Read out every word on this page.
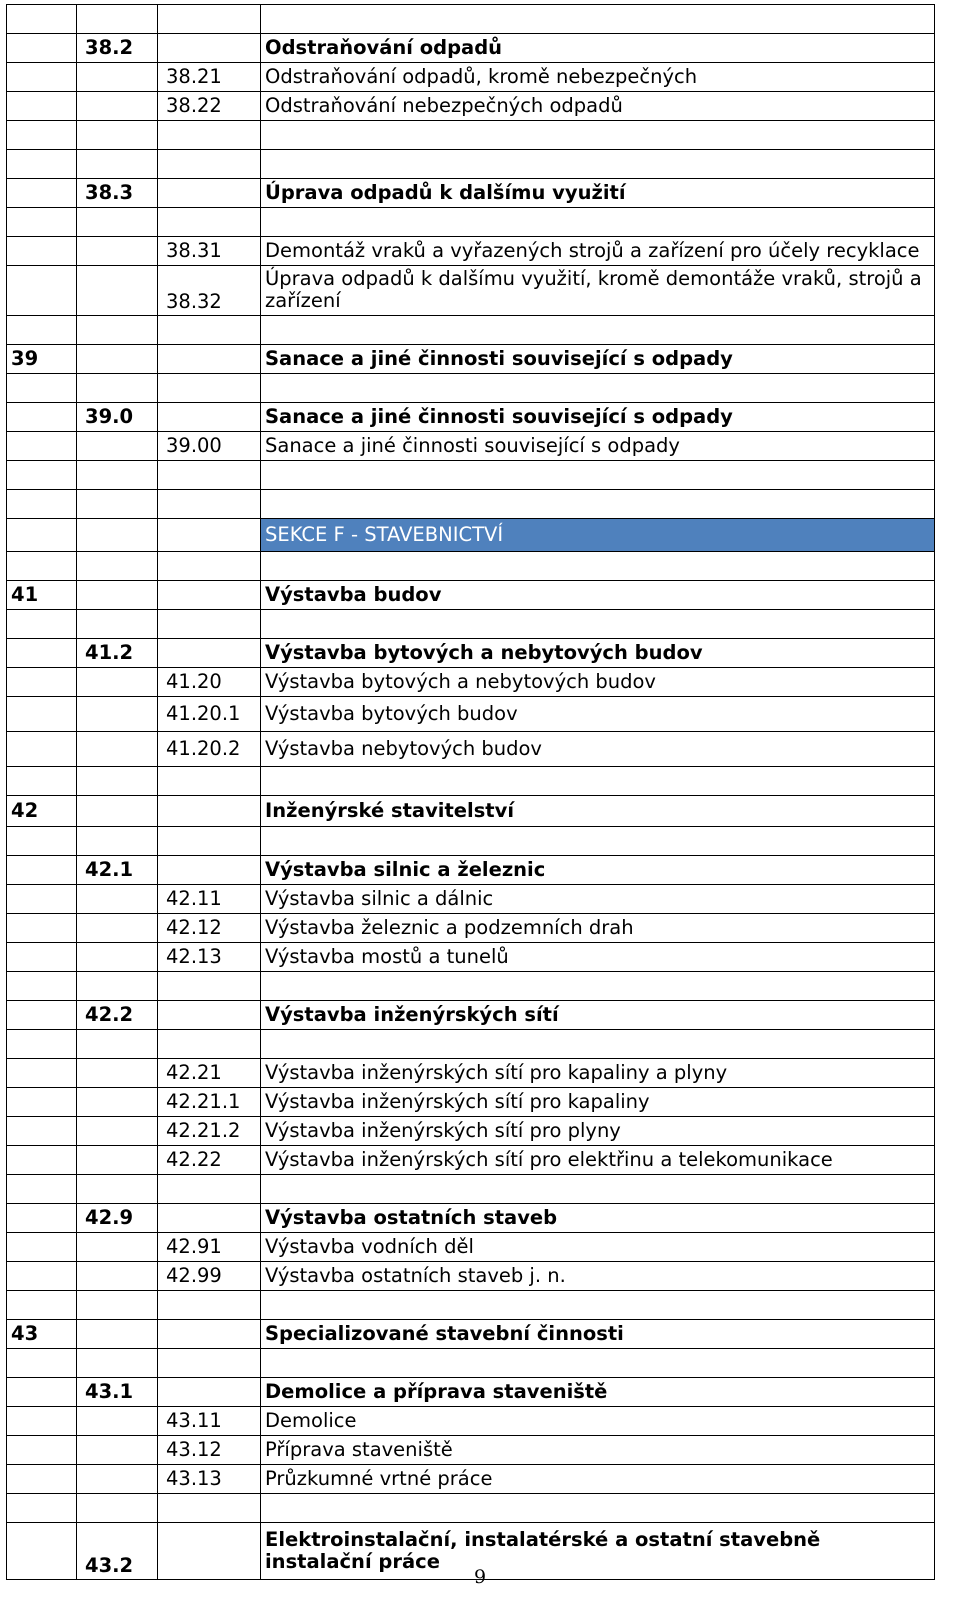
	38.2		Odstraňování odpadů
		38.21	Odstraňování odpadů, kromě nebezpečných
		38.22	Odstraňování nebezpečných odpadů

	38.3		Úprava odpadů k dalšímu využití

		38.31	Demontáž vraků a vyřazených strojů a zařízení pro účely recyklace
		38.32	Úprava odpadů k dalšímu využití, kromě demontáže vraků, strojů a zařízení

39			Sanace a jiné činnosti související s odpady

	39.0		Sanace a jiné činnosti související s odpady
		39.00	Sanace a jiné činnosti související s odpady

			SEKCE F - STAVEBNICTVÍ

41			Výstavba budov

	41.2		Výstavba bytových a nebytových budov
		41.20	Výstavba bytových a nebytových budov
		41.20.1	Výstavba bytových budov
		41.20.2	Výstavba nebytových budov

42			Inženýrské stavitelství

	42.1		Výstavba silnic a železnic
		42.11	Výstavba silnic a dálnic
		42.12	Výstavba železnic a podzemních drah
		42.13	Výstavba mostů a tunelů

	42.2		Výstavba inženýrských sítí

		42.21	Výstavba inženýrských sítí pro kapaliny a plyny
		42.21.1	Výstavba inženýrských sítí pro kapaliny
		42.21.2	Výstavba inženýrských sítí pro plyny
		42.22	Výstavba inženýrských sítí pro elektřinu a telekomunikace

	42.9		Výstavba ostatních staveb
		42.91	Výstavba vodních děl
		42.99	Výstavba ostatních staveb j. n.

43			Specializované stavební činnosti

	43.1		Demolice a příprava staveniště
		43.11	Demolice
		43.12	Příprava staveniště
		43.13	Průzkumné vrtné práce

	43.2		Elektroinstalační, instalatérské a ostatní stavebně instalační práce
9
